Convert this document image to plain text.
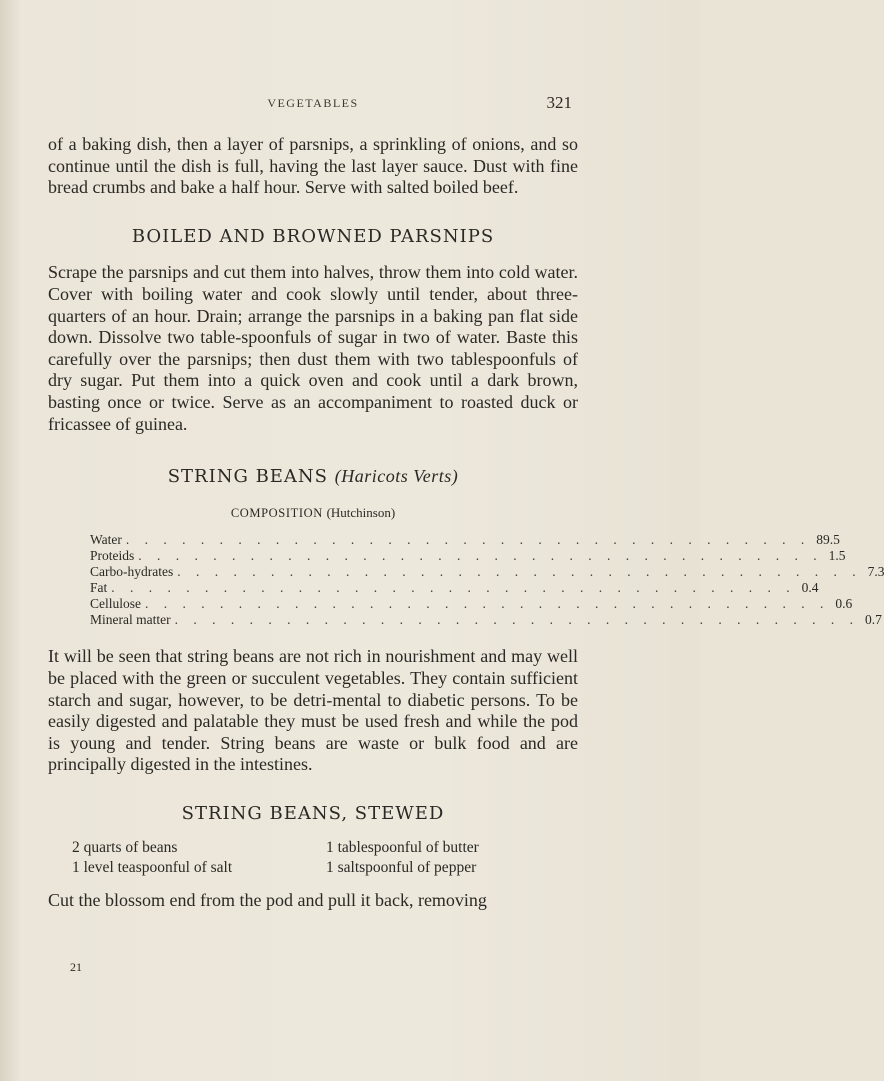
VEGETABLES	321

of a baking dish, then a layer of parsnips, a sprinkling of onions, and so continue until the dish is full, having the last layer sauce. Dust with fine bread crumbs and bake a half hour. Serve with salted boiled beef.

BOILED AND BROWNED PARSNIPS

Scrape the parsnips and cut them into halves, throw them into cold water. Cover with boiling water and cook slowly until tender, about three-quarters of an hour. Drain; arrange the parsnips in a baking pan flat side down. Dissolve two table-spoonfuls of sugar in two of water. Baste this carefully over the parsnips; then dust them with two tablespoonfuls of dry sugar. Put them into a quick oven and cook until a dark brown, basting once or twice. Serve as an accompaniment to roasted duck or fricassee of guinea.

STRING BEANS (Haricots Verts)
COMPOSITION (Hutchinson)
Water . . . . . . . . . . . . . . . . . . . . . . . . . . . . . . . . . . . . . 89.5
Proteids . . . . . . . . . . . . . . . . . . . . . . . . . . . . . . . . . . . . . 1.5
Carbo-hydrates . . . . . . . . . . . . . . . . . . . . . . . . . . . . . . . . . . . . . 7.3
Fat . . . . . . . . . . . . . . . . . . . . . . . . . . . . . . . . . . . . . 0.4
Cellulose . . . . . . . . . . . . . . . . . . . . . . . . . . . . . . . . . . . . . 0.6
Mineral matter . . . . . . . . . . . . . . . . . . . . . . . . . . . . . . . . . . . . . 0.7

It will be seen that string beans are not rich in nourishment and may well be placed with the green or succulent vegetables. They contain sufficient starch and sugar, however, to be detri-mental to diabetic persons. To be easily digested and palatable they must be used fresh and while the pod is young and tender. String beans are waste or bulk food and are principally digested in the intestines.

STRING BEANS, STEWED
2 quarts of beans	1 tablespoonful of butter
1 level teaspoonful of salt	1 saltspoonful of pepper

Cut the blossom end from the pod and pull it back, removing

21
